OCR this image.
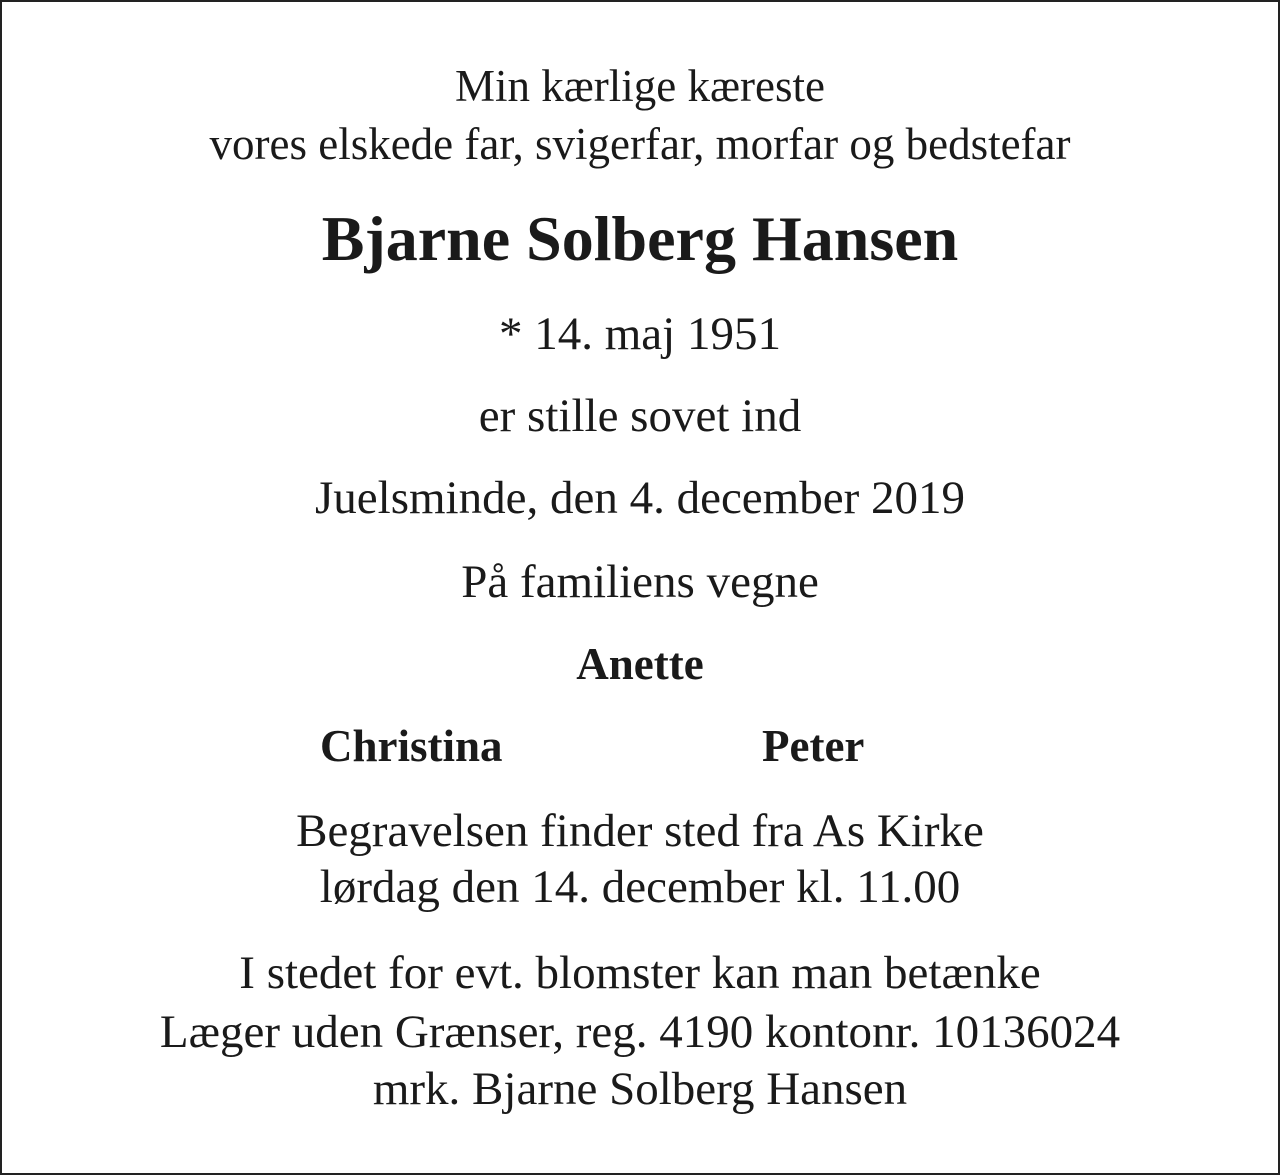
Min kærlige kæreste
vores elskede far, svigerfar, morfar og bedstefar
Bjarne Solberg Hansen
* 14. maj 1951
er stille sovet ind
Juelsminde, den 4. december 2019
På familiens vegne
Anette
Christina	Peter
Begravelsen finder sted fra As Kirke
lørdag den 14. december kl. 11.00
I stedet for evt. blomster kan man betænke
Læger uden Grænser, reg. 4190 kontonr. 10136024
mrk. Bjarne Solberg Hansen
